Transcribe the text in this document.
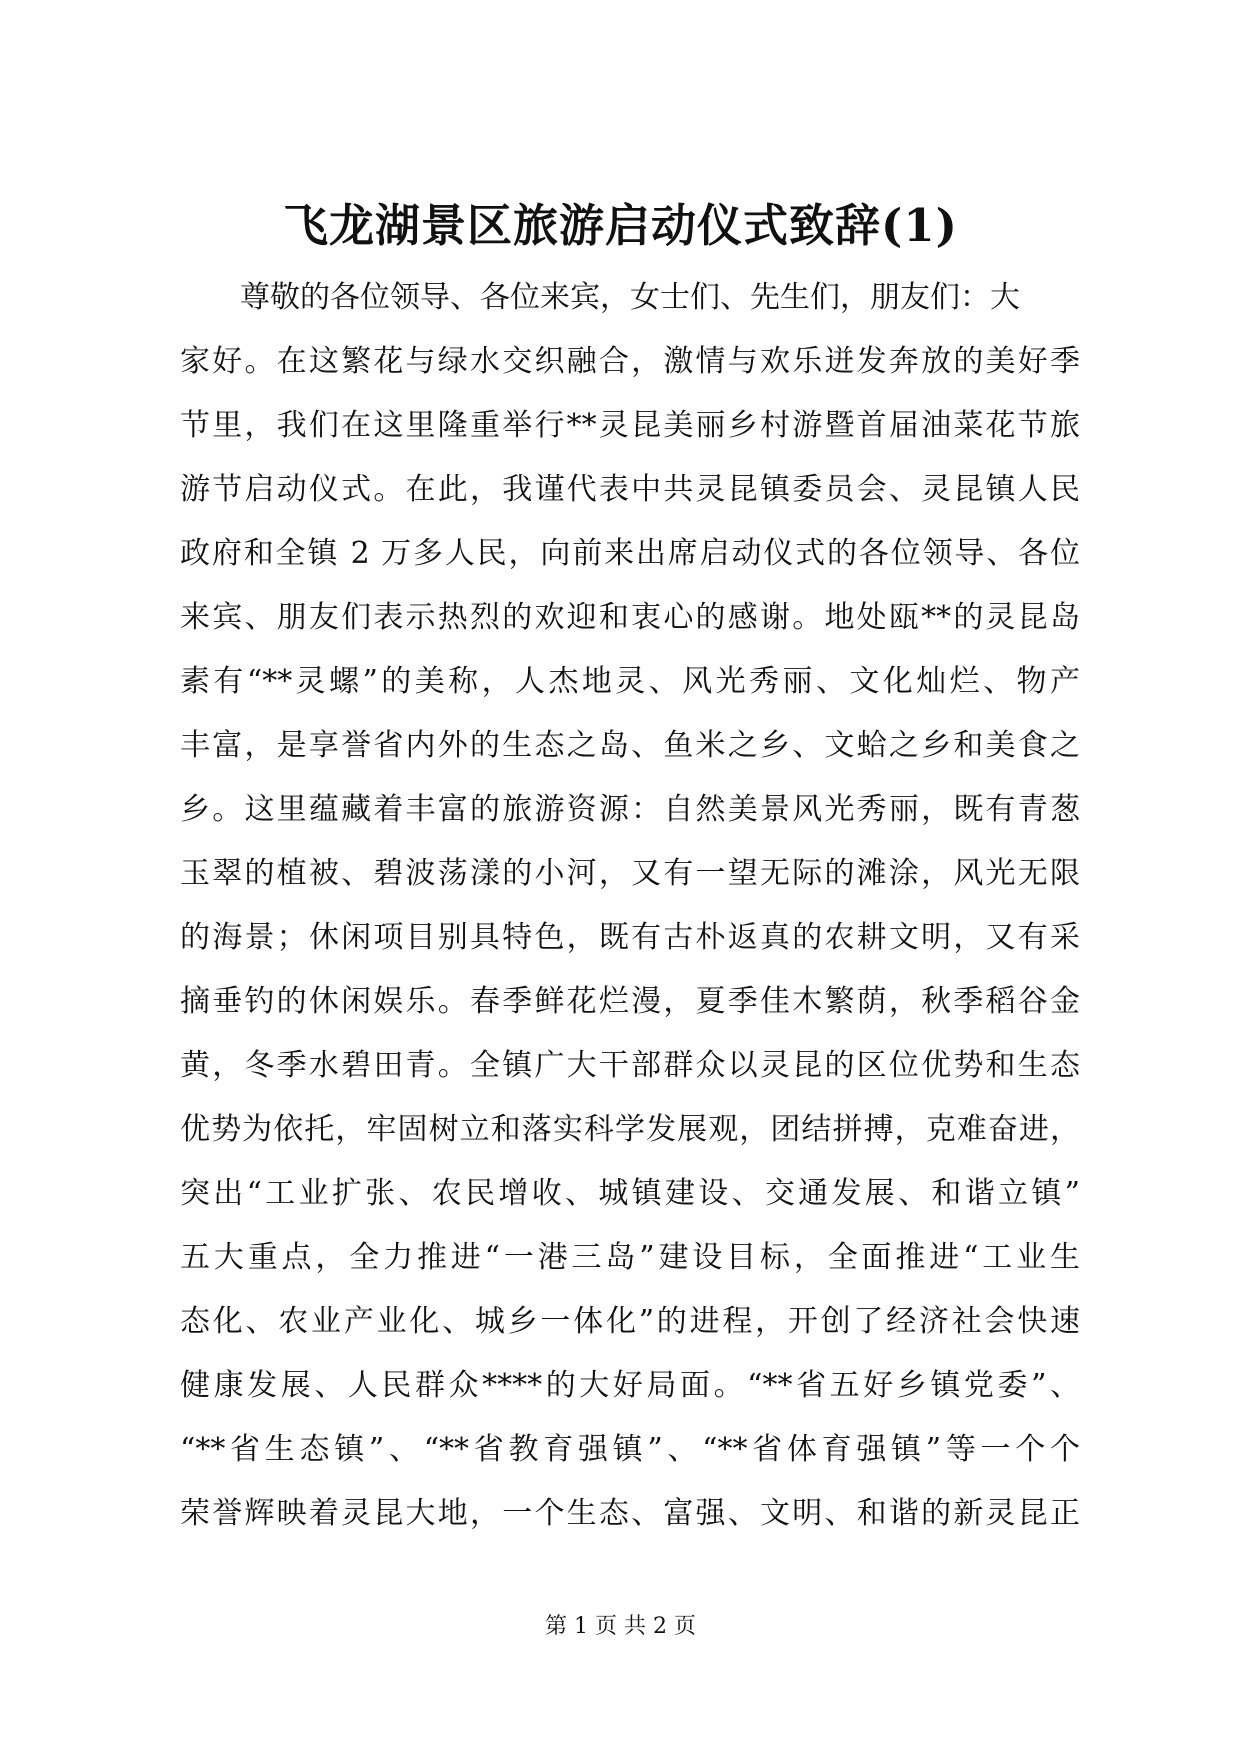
飞龙湖景区旅游启动仪式致辞(1)
尊敬的各位领导、各位来宾，女士们、先生们，朋友们：大
家好。在这繁花与绿水交织融合，激情与欢乐迸发奔放的美好季
节里，我们在这里隆重举行**灵昆美丽乡村游暨首届油菜花节旅
游节启动仪式。在此，我谨代表中共灵昆镇委员会、灵昆镇人民
政府和全镇 2 万多人民，向前来出席启动仪式的各位领导、各位
来宾、朋友们表示热烈的欢迎和衷心的感谢。地处瓯**的灵昆岛
素有“**灵螺”的美称，人杰地灵、风光秀丽、文化灿烂、物产
丰富，是享誉省内外的生态之岛、鱼米之乡、文蛤之乡和美食之
乡。这里蕴藏着丰富的旅游资源：自然美景风光秀丽，既有青葱
玉翠的植被、碧波荡漾的小河，又有一望无际的滩涂，风光无限
的海景；休闲项目别具特色，既有古朴返真的农耕文明，又有采
摘垂钓的休闲娱乐。春季鲜花烂漫，夏季佳木繁荫，秋季稻谷金
黄，冬季水碧田青。全镇广大干部群众以灵昆的区位优势和生态
优势为依托，牢固树立和落实科学发展观，团结拼搏，克难奋进，
突出“工业扩张、农民增收、城镇建设、交通发展、和谐立镇”
五大重点，全力推进“一港三岛”建设目标，全面推进“工业生
态化、农业产业化、城乡一体化”的进程，开创了经济社会快速
健康发展、人民群众****的大好局面。“**省五好乡镇党委”、
“**省生态镇”、“**省教育强镇”、“**省体育强镇”等一个个
荣誉辉映着灵昆大地，一个生态、富强、文明、和谐的新灵昆正
第 1 页 共 2 页
